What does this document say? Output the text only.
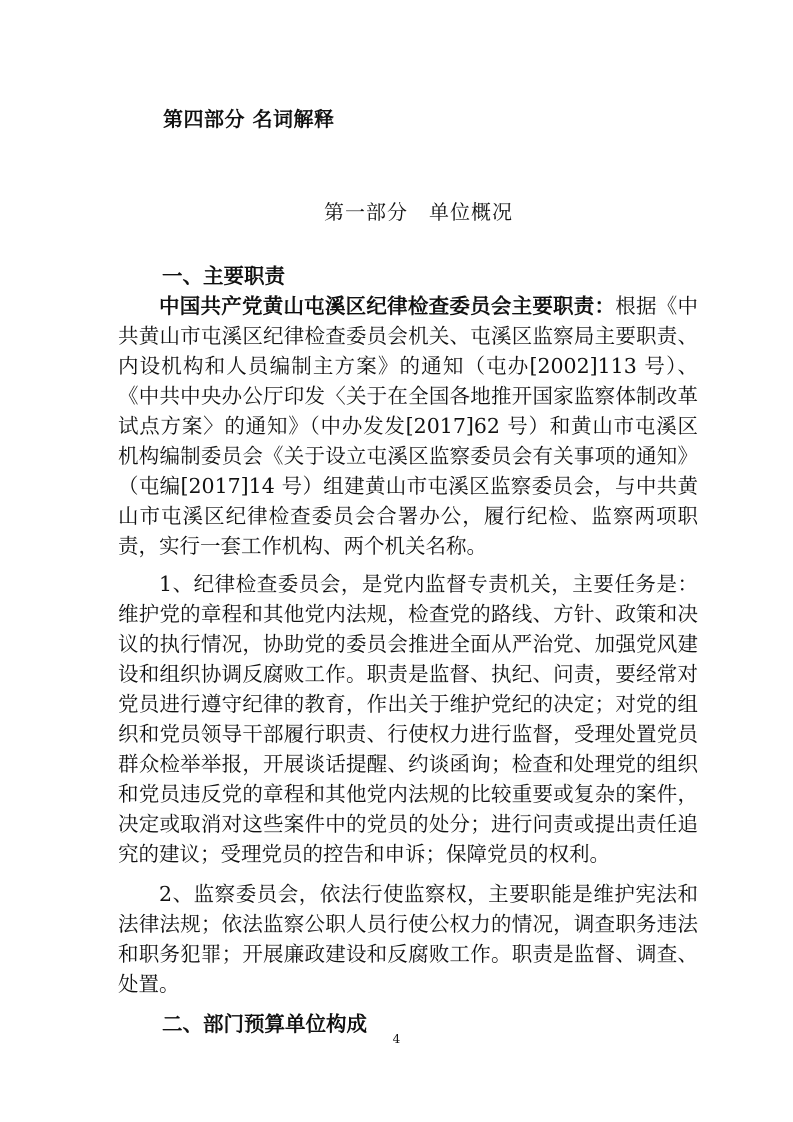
第四部分 名词解释
第一部分　单位概况

一、主要职责

中国共产党黄山屯溪区纪律检查委员会主要职责：根据《中共黄山市屯溪区纪律检查委员会机关、屯溪区监察局主要职责、内设机构和人员编制主方案》的通知（屯办[2002]113 号）、《中共中央办公厅印发〈关于在全国各地推开国家监察体制改革试点方案〉的通知》（中办发发[2017]62 号）和黄山市屯溪区机构编制委员会《关于设立屯溪区监察委员会有关事项的通知》（屯编[2017]14 号）组建黄山市屯溪区监察委员会，与中共黄山市屯溪区纪律检查委员会合署办公，履行纪检、监察两项职责，实行一套工作机构、两个机关名称。

1、纪律检查委员会，是党内监督专责机关，主要任务是：维护党的章程和其他党内法规，检查党的路线、方针、政策和决议的执行情况，协助党的委员会推进全面从严治党、加强党风建设和组织协调反腐败工作。职责是监督、执纪、问责，要经常对党员进行遵守纪律的教育，作出关于维护党纪的决定；对党的组织和党员领导干部履行职责、行使权力进行监督，受理处置党员群众检举举报，开展谈话提醒、约谈函询；检查和处理党的组织和党员违反党的章程和其他党内法规的比较重要或复杂的案件，决定或取消对这些案件中的党员的处分；进行问责或提出责任追究的建议；受理党员的控告和申诉；保障党员的权利。

2、监察委员会，依法行使监察权，主要职能是维护宪法和法律法规；依法监察公职人员行使公权力的情况，调查职务违法和职务犯罪；开展廉政建设和反腐败工作。职责是监督、调查、处置。

二、部门预算单位构成

4
